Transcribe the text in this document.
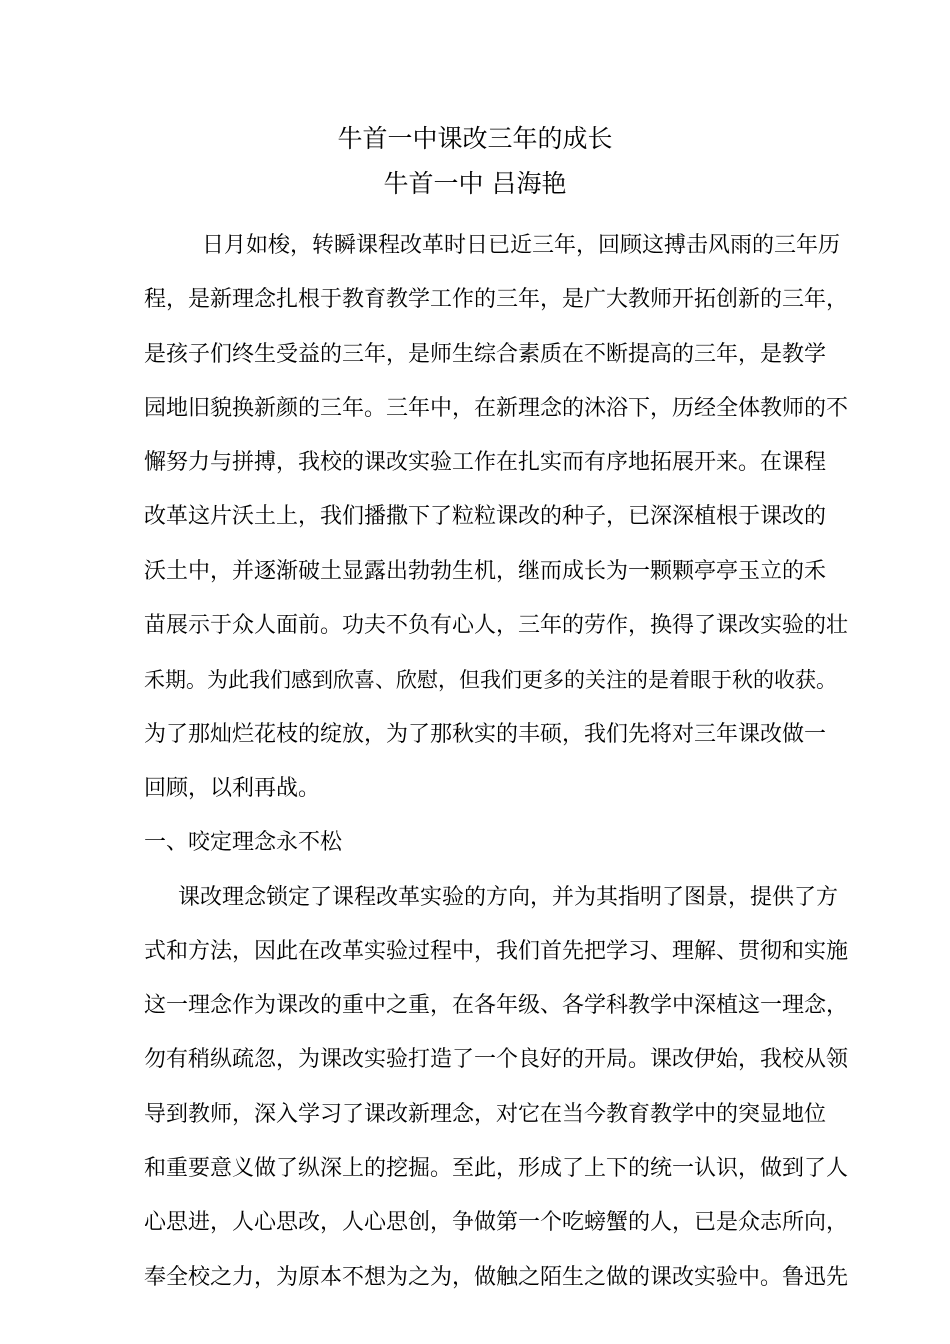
牛首一中课改三年的成长
牛首一中 吕海艳
日月如梭，转瞬课程改革时日已近三年，回顾这搏击风雨的三年历
程，是新理念扎根于教育教学工作的三年，是广大教师开拓创新的三年，
是孩子们终生受益的三年，是师生综合素质在不断提高的三年，是教学
园地旧貌换新颜的三年。三年中，在新理念的沐浴下，历经全体教师的不
懈努力与拼搏，我校的课改实验工作在扎实而有序地拓展开来。在课程
改革这片沃土上，我们播撒下了粒粒课改的种子，已深深植根于课改的
沃土中，并逐渐破土显露出勃勃生机，继而成长为一颗颗亭亭玉立的禾
苗展示于众人面前。功夫不负有心人，三年的劳作，换得了课改实验的壮
禾期。为此我们感到欣喜、欣慰，但我们更多的关注的是着眼于秋的收获。
为了那灿烂花枝的绽放，为了那秋实的丰硕，我们先将对三年课改做一
回顾，以利再战。
一、咬定理念永不松
课改理念锁定了课程改革实验的方向，并为其指明了图景，提供了方
式和方法，因此在改革实验过程中，我们首先把学习、理解、贯彻和实施
这一理念作为课改的重中之重，在各年级、各学科教学中深植这一理念，
勿有稍纵疏忽，为课改实验打造了一个良好的开局。课改伊始，我校从领
导到教师，深入学习了课改新理念，对它在当今教育教学中的突显地位
和重要意义做了纵深上的挖掘。至此，形成了上下的统一认识，做到了人
心思进，人心思改，人心思创，争做第一个吃螃蟹的人，已是众志所向，
奉全校之力，为原本不想为之为，做触之陌生之做的课改实验中。鲁迅先
